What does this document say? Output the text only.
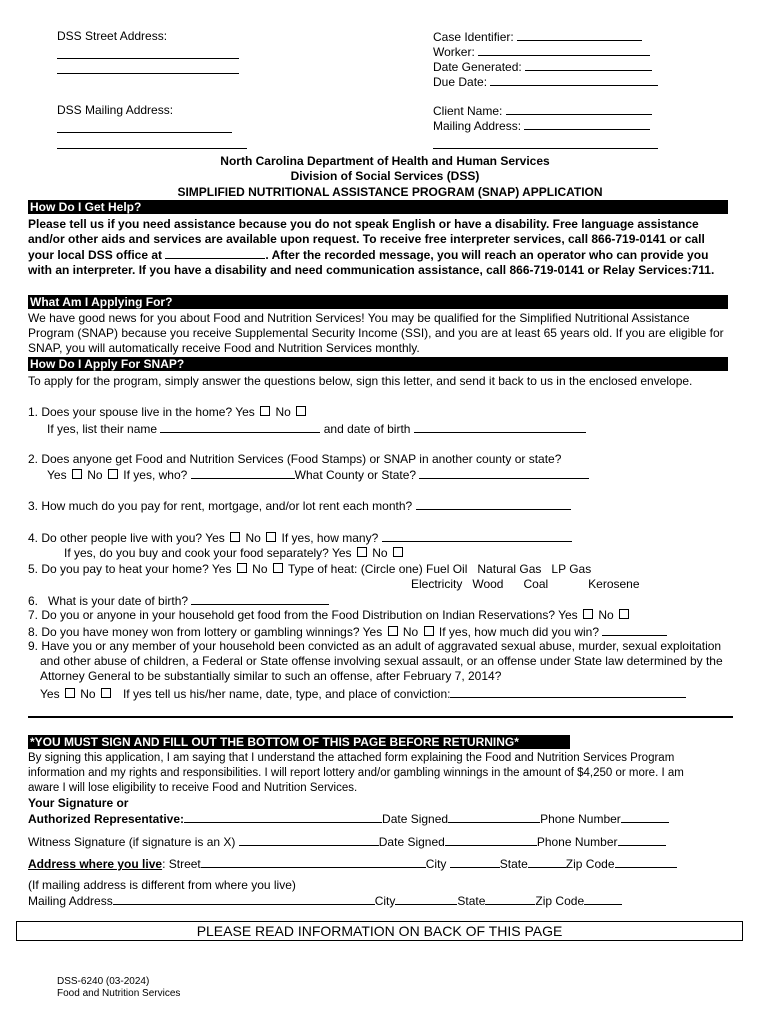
DSS Street Address:
DSS Mailing Address:
Case Identifier:
Worker:
Date Generated:
Due Date:
Client Name:
Mailing Address:
North Carolina Department of Health and Human Services
Division of Social Services (DSS)
SIMPLIFIED NUTRITIONAL ASSISTANCE PROGRAM (SNAP) APPLICATION
How Do I Get Help?
Please tell us if you need assistance because you do not speak English or have a disability. Free language assistance and/or other aids and services are available upon request. To receive free interpreter services, call 866-719-0141 or call your local DSS office at	. After the recorded message, you will reach an operator who can provide you with an interpreter. If you have a disability and need communication assistance, call 866-719-0141 or Relay Services:711.
What Am I Applying For?
We have good news for you about Food and Nutrition Services! You may be qualified for the Simplified Nutritional Assistance Program (SNAP) because you receive Supplemental Security Income (SSI), and you are at least 65 years old. If you are eligible for SNAP, you will automatically receive Food and Nutrition Services monthly.
How Do I Apply For SNAP?
To apply for the program, simply answer the questions below, sign this letter, and send it back to us in the enclosed envelope.
1. Does your spouse live in the home? Yes No
If yes, list their name	and date of birth
2. Does anyone get Food and Nutrition Services (Food Stamps) or SNAP in another county or state?
Yes No If yes, who?	What County or State?
3. How much do you pay for rent, mortgage, and/or lot rent each month?
4. Do other people live with you? Yes No If yes, how many?
If yes, do you buy and cook your food separately? Yes No
5. Do you pay to heat your home? Yes No Type of heat: (Circle one) Fuel Oil   Natural Gas   LP Gas
Electricity   Wood      Coal            Kerosene
6.   What is your date of birth?
7. Do you or anyone in your household get food from the Food Distribution on Indian Reservations? Yes No
8. Do you have money won from lottery or gambling winnings? Yes No If yes, how much did you win?
9. Have you or any member of your household been convicted as an adult of aggravated sexual abuse, murder, sexual exploitation and other abuse of children, a Federal or State offense involving sexual assault, or an offense under State law determined by the Attorney General to be substantially similar to such an offense, after February 7, 2014?
Yes No If yes tell us his/her name, date, type, and place of conviction:
*YOU MUST SIGN AND FILL OUT THE BOTTOM OF THIS PAGE BEFORE RETURNING*
By signing this application, I am saying that I understand the attached form explaining the Food and Nutrition Services Program information and my rights and responsibilities. I will report lottery and/or gambling winnings in the amount of $4,250 or more. I am aware I will lose eligibility to receive Food and Nutrition Services.
Your Signature or
Authorized Representative:	Date Signed	Phone Number
Witness Signature (if signature is an X)	Date Signed	Phone Number
Address where you live: Street	City	State	Zip Code
(If mailing address is different from where you live)
Mailing Address	City	State	Zip Code
PLEASE READ INFORMATION ON BACK OF THIS PAGE
DSS-6240 (03-2024)
Food and Nutrition Services
